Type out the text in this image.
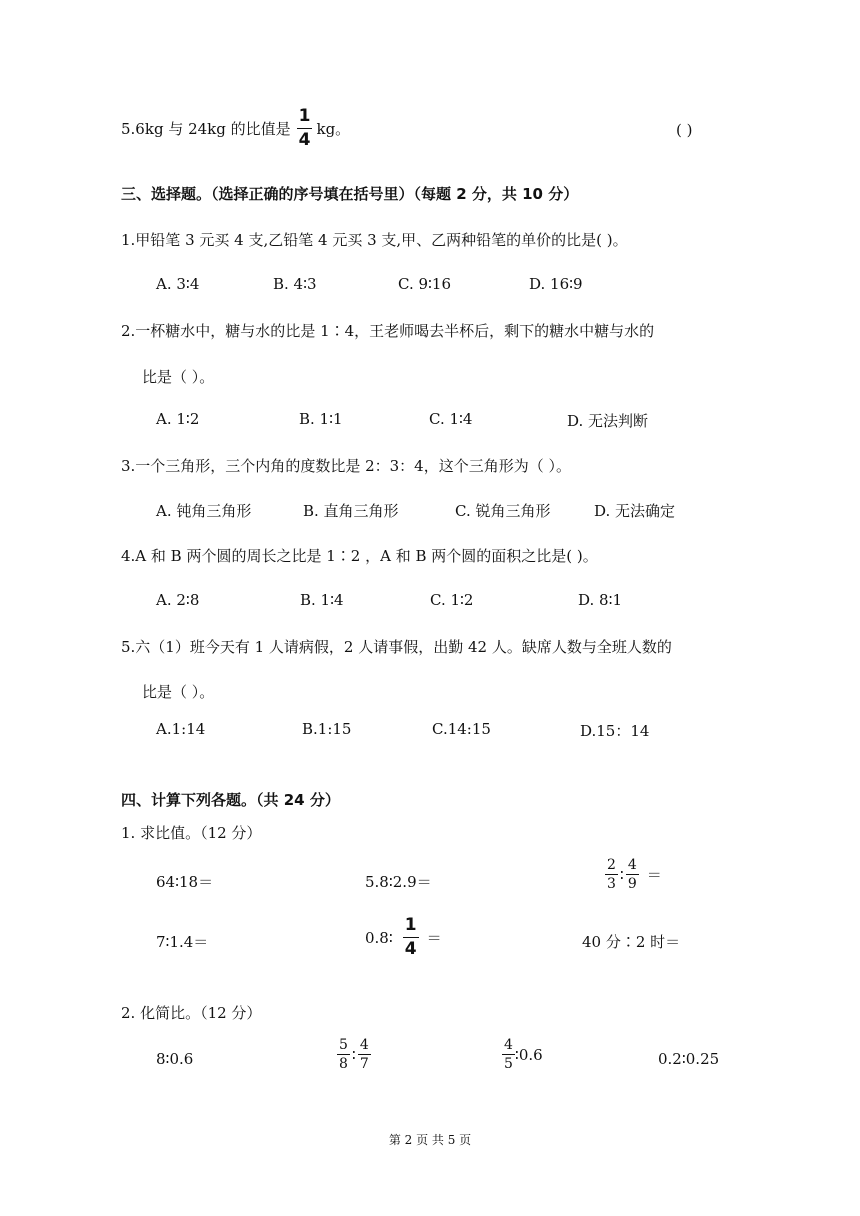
5.6kg 与 24kg 的比值是 $\frac{1}{4}$ kg。	( )
三、选择题。（选择正确的序号填在括号里）（每题 2 分，共 10 分）
1.甲铅笔 3 元买 4 支,乙铅笔 4 元买 3 支,甲、乙两种铅笔的单价的比是( )。
A. 3∶4	B. 4∶3	C. 9∶16	D. 16∶9
2.一杯糖水中，糖与水的比是 1∶4，王老师喝去半杯后，剩下的糖水中糖与水的
比是（ ）。
A. 1∶2	B. 1∶1	C. 1∶4	D. 无法判断
3.一个三角形，三个内角的度数比是 2：3：4，这个三角形为（ ）。
A. 钝角三角形	B. 直角三角形	C. 锐角三角形	D. 无法确定
4.A 和 B 两个圆的周长之比是 1∶2 ，A 和 B 两个圆的面积之比是( )。
A. 2∶8	B. 1∶4	C. 1∶2	D. 8∶1
5.六（1）班今天有 1 人请病假，2 人请事假，出勤 42 人。缺席人数与全班人数的
比是（ ）。
A.1:14	B.1:15	C.14:15	D.15：14
四、计算下列各题。（共 24 分）
1. 求比值。（12 分）
64∶18＝	5.8∶2.9＝	$\frac{2}{3}$ ∶ $\frac{4}{9}$ ＝
7∶1.4＝	0.8∶ $\frac{1}{4}$ ＝	40 分∶2 时＝
2. 化简比。（12 分）
8∶0.6	$\frac{5}{8}$ ∶ $\frac{4}{7}$	$\frac{4}{5}$ ∶0.6	0.2∶0.25
第 2 页 共 5 页
